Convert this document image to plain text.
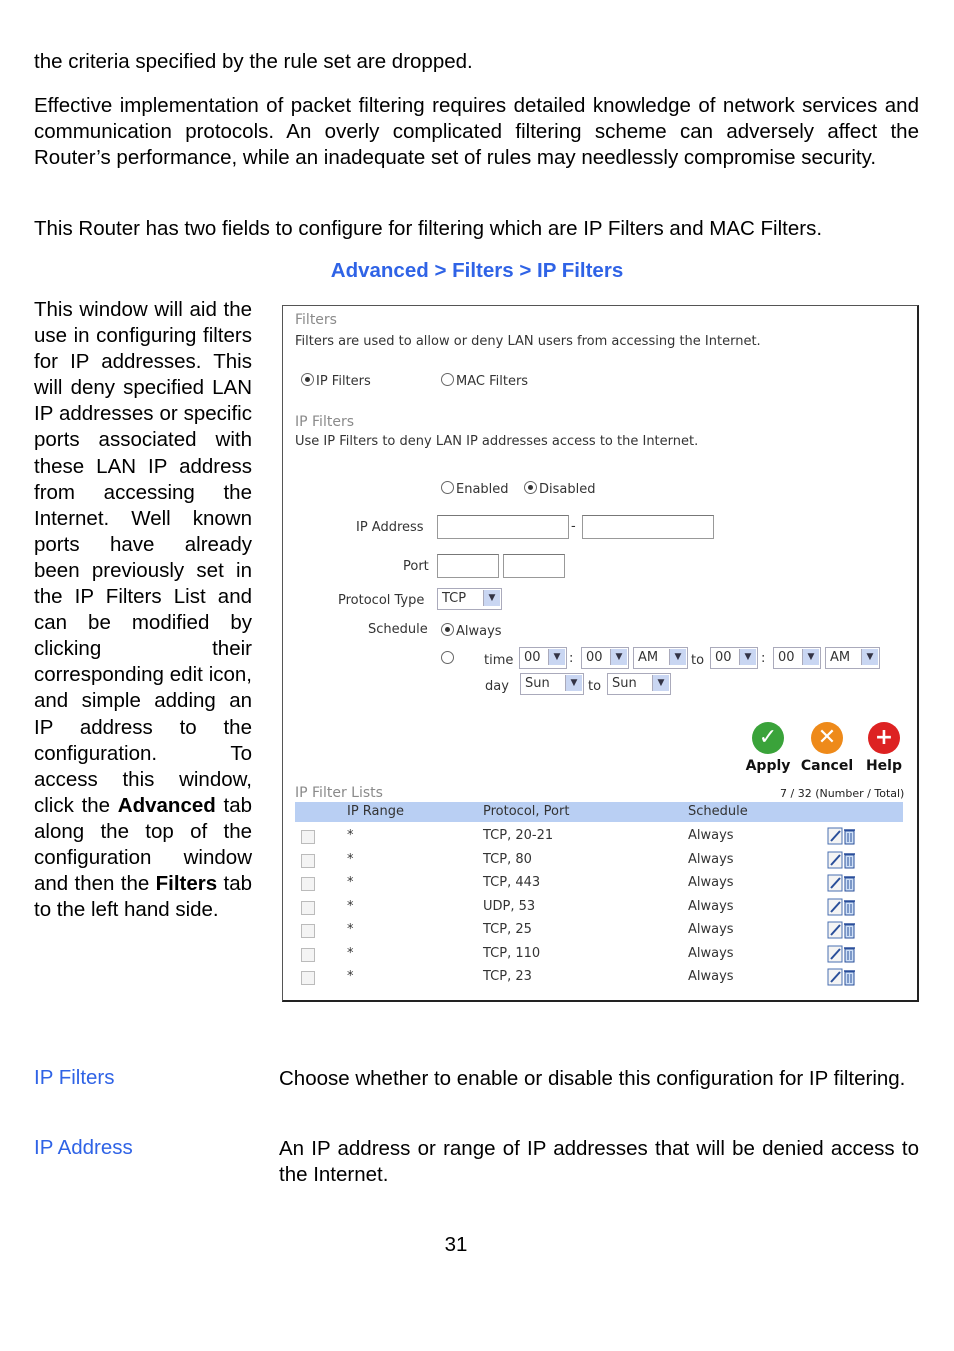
the criteria specified by the rule set are dropped.

Effective implementation of packet filtering requires detailed knowledge of network services and communication protocols. An overly complicated filtering scheme can adversely affect the Router’s performance, while an inadequate set of rules may needlessly compromise security.

This Router has two fields to configure for filtering which are IP Filters and MAC Filters.

Advanced > Filters > IP Filters
This window will aid the use in configuring filters for IP addresses. This will deny specified LAN IP addresses or specific ports associated with these LAN IP address from accessing the Internet. Well known ports have already been previously set in the IP Filters List and can be modified by clicking their corresponding edit icon, and simple adding an IP address to the configuration. To access this window, click the Advanced tab along the top of the configuration window and then the Filters tab to the left hand side.
Filters
Filters are used to allow or deny LAN users from accessing the Internet.
IP Filters	MAC Filters
IP Filters
Use IP Filters to deny LAN IP addresses access to the Internet.
Enabled	Disabled
IP Address	-
Port
Protocol Type TCP	▼
Schedule	Always
time 00	▼ : 00	▼	AM	▼ to 00	▼ : 00	▼	AM	▼
day Sun	▼ to Sun	▼
✓
Apply
✕
Cancel
+
Help
IP Filter Lists	7 / 32 (Number / Total)
IP Range	Protocol, Port	Schedule
*	TCP, 20-21	Always
*	TCP, 80	Always
*	TCP, 443	Always
*	UDP, 53	Always
*	TCP, 25	Always
*	TCP, 110	Always
*	TCP, 23	Always
IP Filters	Choose whether to enable or disable this configuration for IP filtering.

IP Address	An IP address or range of IP addresses that will be denied access to the Internet.

31
